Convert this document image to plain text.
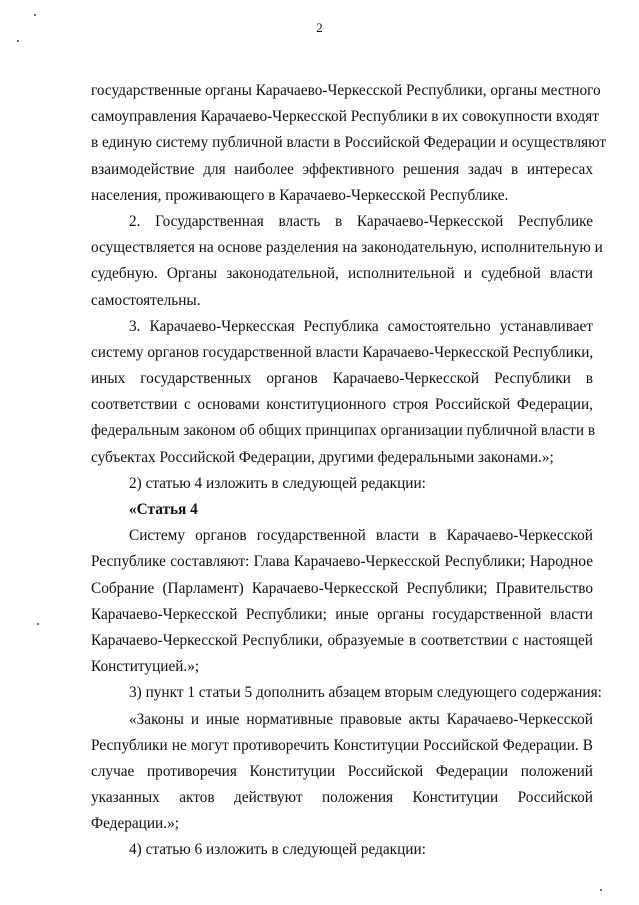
2
государственные органы Карачаево-Черкесской Республики, органы местного
самоуправления Карачаево-Черкесской Республики в их совокупности входят
в единую систему публичной власти в Российской Федерации и осуществляют
взаимодействие для наиболее эффективного решения задач в интересах
населения, проживающего в Карачаево-Черкесской Республике.
2. Государственная власть в Карачаево-Черкесской Республике
осуществляется на основе разделения на законодательную, исполнительную и
судебную. Органы законодательной, исполнительной и судебной власти
самостоятельны.
3. Карачаево-Черкесская Республика самостоятельно устанавливает
систему органов государственной власти Карачаево-Черкесской Республики,
иных государственных органов Карачаево-Черкесской Республики в
соответствии с основами конституционного строя Российской Федерации,
федеральным законом об общих принципах организации публичной власти в
субъектах Российской Федерации, другими федеральными законами.»;
2) статью 4 изложить в следующей редакции:
«Статья 4
Систему органов государственной власти в Карачаево-Черкесской
Республике составляют: Глава Карачаево-Черкесской Республики; Народное
Собрание (Парламент) Карачаево-Черкесской Республики; Правительство
Карачаево-Черкесской Республики; иные органы государственной власти
Карачаево-Черкесской Республики, образуемые в соответствии с настоящей
Конституцией.»;
3) пункт 1 статьи 5 дополнить абзацем вторым следующего содержания:
«Законы и иные нормативные правовые акты Карачаево-Черкесской
Республики не могут противоречить Конституции Российской Федерации. В
случае противоречия Конституции Российской Федерации положений
указанных актов действуют положения Конституции Российской
Федерации.»;
4) статью 6 изложить в следующей редакции:
